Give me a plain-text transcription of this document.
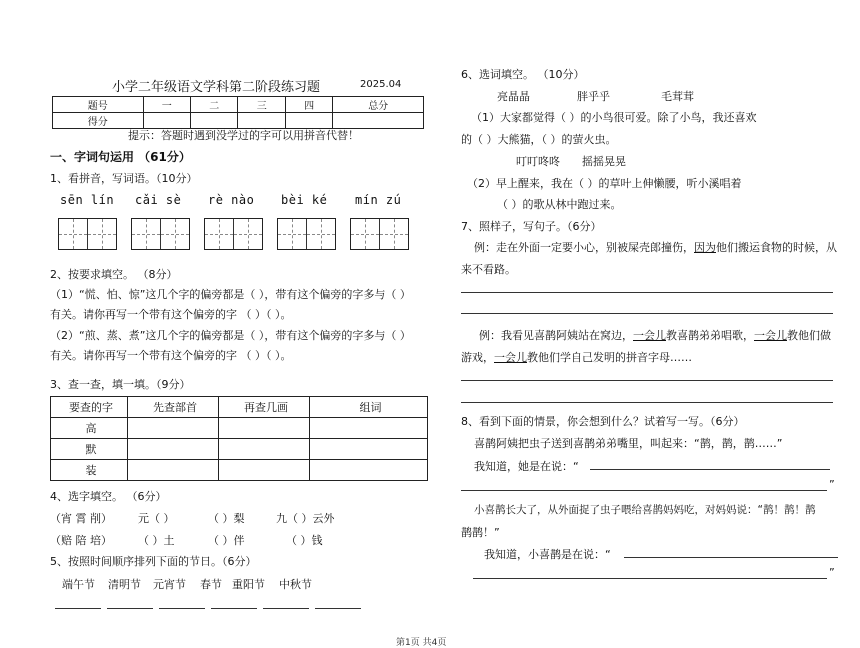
小学二年级语文学科第二阶段练习题	2025.04
题号	一	二	三	四	总分
得分					
提示：答题时遇到没学过的字可以用拼音代替！
一、字词句运用 （61分）
1、看拼音，写词语。（10分）
sēn lín cǎi sè rè nào bèi ké mín zú
2、按要求填空。 （8分）
（1）“慌、怕、惊”这几个字的偏旁都是（ ），带有这个偏旁的字多与（ ）
有关。请你再写一个带有这个偏旁的字 （ ）（ ）。
（2）“煎、蒸、煮”这几个字的偏旁都是（ ），带有这个偏旁的字多与（ ）
有关。请你再写一个带有这个偏旁的字 （ ）（ ）。
3、查一查，填一填。（9分）
要查的字	先查部首	再查几画	组词
高			
默			
装			
4、选字填空。 （6分）
（宵 霄 削） 元（ ）	（ ）梨	九（ ）云外
（赔 陪 培） （ ）土	（ ）伴	（ ）钱
5、按照时间顺序排列下面的节日。（6分）
端午节 清明节 元宵节 春节 重阳节 中秋节
6、选词填空。 （10分）
亮晶晶	胖乎乎	毛茸茸
（1）大家都觉得（ ）的小鸟很可爱。除了小鸟，我还喜欢
的（ ）大熊猫，（ ）的萤火虫。
叮叮咚咚 摇摇晃晃
（2）早上醒来，我在（ ）的草叶上伸懒腰，听小溪唱着
（ ）的歌从林中跑过来。
7、照样子，写句子。（6分）
例：走在外面一定要小心，别被屎壳郎撞伤，因为他们搬运食物的时候，从
来不看路。
例：我看见喜鹊阿姨站在窝边，一会儿教喜鹊弟弟唱歌，一会儿教他们做
游戏，一会儿教他们学自己发明的拼音字母……
8、看到下面的情景，你会想到什么？试着写一写。（6分）
喜鹊阿姨把虫子送到喜鹊弟弟嘴里，叫起来：“鹊，鹊，鹊……”
我知道，她是在说：“
”
小喜鹊长大了，从外面捉了虫子喂给喜鹊妈妈吃，对妈妈说：“鹊！鹊！鹊
鹊鹊！”
我知道，小喜鹊是在说：“
”
第1页 共4页
